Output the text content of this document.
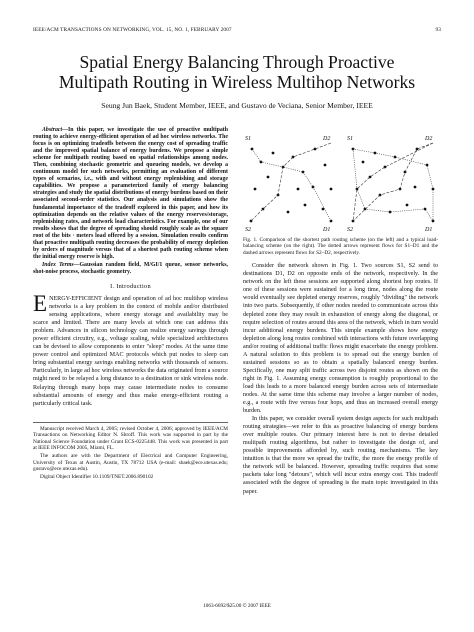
IEEE/ACM TRANSACTIONS ON NETWORKING, VOL. 15, NO. 1, FEBRUARY 2007	93
Spatial Energy Balancing Through Proactive
Multipath Routing in Wireless Multihop Networks
Seung Jun Baek, Student Member, IEEE, and Gustavo de Veciana, Senior Member, IEEE

Abstract—In this paper, we investigate the use of proactive multipath routing to achieve energy-efficient operation of ad hoc wireless networks. The focus is on optimizing tradeoffs between the energy cost of spreading traffic and the improved spatial balance of energy burdens. We propose a simple scheme for multipath routing based on spatial relationships among nodes. Then, combining stochastic geometric and queueing models, we develop a continuum model for such networks, permitting an evaluation of different types of scenarios, i.e., with and without energy replenishing and storage capabilities. We propose a parameterized family of energy balancing strategies and study the spatial distributions of energy burdens based on their associated second-order statistics. Our analysis and simulations show the fundamental importance of the tradeoff explored in this paper, and how its optimization depends on the relative values of the energy reserves/storage, replenishing rates, and network load characteristics. For example, one of our results shows that the degree of spreading should roughly scale as the square root of the bits · meters load offered by a session. Simulation results confirm that proactive multipath routing decreases the probability of energy depletion by orders of magnitude versus that of a shortest path routing scheme when the initial energy reserve is high.

Index Terms—Gaussian random field, M/GI/1 queue, sensor networks, shot-noise process, stochastic geometry.

I. Introduction

ENERGY-EFFICIENT design and operation of ad hoc multihop wireless networks is a key problem in the context of mobile and/or distributed sensing applications, where energy storage and availability may be scarce and limited. There are many levels at which one can address this problem. Advances in silicon technology can realize energy savings through power efficient circuitry, e.g., voltage scaling, while specialized architectures can be devised to allow components to enter "sleep" modes. At the same time power control and optimized MAC protocols which put nodes to sleep can bring substantial energy savings enabling networks with thousands of sensors. Particularly, in large ad hoc wireless networks the data originated from a source might need to be relayed a long distance to a destination or sink wireless node. Relaying through many hops may cause intermediate nodes to consume substantial amounts of energy and thus make energy-efficient routing a particularly critical task.

Manuscript received March 4, 2005; revised October 4, 2006; approved by IEEE/ACM Transactions on Networking Editor N. Shroff. This work was supported in part by the National Science Foundation under Grant ECS-0225448. This work was presented in part at IEEE INFOCOM 2005, Miami, FL.

The authors are with the Department of Electrical and Computer Engineering, University of Texas at Austin, Austin, TX 78712 USA (e-mail: sbaek@ece.utexas.edu; gustavo@ece.utexas.edu).

Digital Object Identifier 10.1109/TNET.2006.890102

S1	D2	S1	D2
S2	D1	S2	D1

Fig. 1. Comparison of the shortest path routing scheme (on the left) and a typical load-balancing scheme (on the right). The dotted arrows represent flows for S1–D1 and the dashed arrows represent flows for S2–D2, respectively.

Consider the network shown in Fig. 1. Two sources S1, S2 send to destinations D1, D2 on opposite ends of the network, respectively. In the network on the left these sessions are supported along shortest hop routes. If one of these sessions were sustained for a long time, nodes along the route would eventually see depleted energy reserves, roughly "dividing" the network into two parts. Subsequently, if other nodes needed to communicate across this depleted zone they may result in exhaustion of energy along the diagonal, or require selection of routes around this area of the network, which in turn would incur additional energy burdens. This simple example shows how energy depletion along long routes combined with interactions with future overlapping and/or routing of additional traffic flows might exacerbate the energy problem. A natural solution to this problem is to spread out the energy burden of sustained sessions so as to obtain a spatially balanced energy burden. Specifically, one may split traffic across two disjoint routes as shown on the right in Fig. 1. Assuming energy consumption is roughly proportional to the load this leads to a more balanced energy burden across sets of intermediate nodes. At the same time this scheme may involve a larger number of nodes, e.g., a route with five versus four hops, and thus an increased overall energy burden.

In this paper, we consider overall system design aspects for such multipath routing strategies—we refer to this as proactive balancing of energy burdens over multiple routes. Our primary interest here is not to devise detailed multipath routing algorithms, but rather to investigate the design of, and possible improvements afforded by, such routing mechanisms. The key intuition is that the more we spread the traffic, the more the energy profile of the network will be balanced. However, spreading traffic requires that some packets take long "detours", which will incur extra energy cost. This tradeoff associated with the degree of spreading is the main topic investigated in this paper.

1063-6692/$25.00 © 2007 IEEE
